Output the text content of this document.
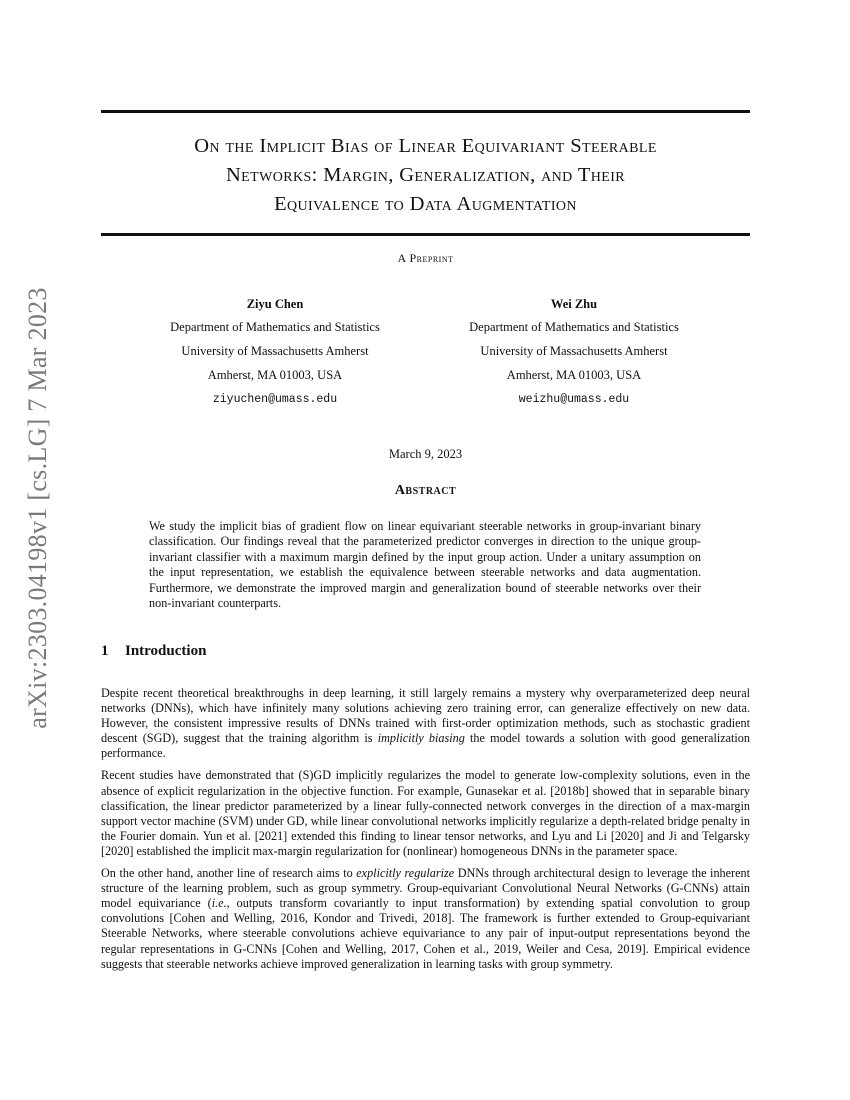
arXiv:2303.04198v1 [cs.LG] 7 Mar 2023
On the Implicit Bias of Linear Equivariant Steerable
Networks: Margin, Generalization, and Their
Equivalence to Data Augmentation
A Preprint
Ziyu Chen
Department of Mathematics and Statistics
University of Massachusetts Amherst
Amherst, MA 01003, USA
ziyuchen@umass.edu
Wei Zhu
Department of Mathematics and Statistics
University of Massachusetts Amherst
Amherst, MA 01003, USA
weizhu@umass.edu
March 9, 2023
Abstract
We study the implicit bias of gradient flow on linear equivariant steerable networks in group-invariant binary classification. Our findings reveal that the parameterized predictor converges in direction to the unique group-invariant classifier with a maximum margin defined by the input group action. Under a unitary assumption on the input representation, we establish the equivalence between steerable networks and data augmentation. Furthermore, we demonstrate the improved margin and generalization bound of steerable networks over their non-invariant counterparts.
1 Introduction

Despite recent theoretical breakthroughs in deep learning, it still largely remains a mystery why overparameterized deep neural networks (DNNs), which have infinitely many solutions achieving zero training error, can generalize effectively on new data. However, the consistent impressive results of DNNs trained with first-order optimization methods, such as stochastic gradient descent (SGD), suggest that the training algorithm is implicitly biasing the model towards a solution with good generalization performance.

Recent studies have demonstrated that (S)GD implicitly regularizes the model to generate low-complexity solutions, even in the absence of explicit regularization in the objective function. For example, Gunasekar et al. [2018b] showed that in separable binary classification, the linear predictor parameterized by a linear fully-connected network converges in the direction of a max-margin support vector machine (SVM) under GD, while linear convolutional networks implicitly regularize a depth-related bridge penalty in the Fourier domain. Yun et al. [2021] extended this finding to linear tensor networks, and Lyu and Li [2020] and Ji and Telgarsky [2020] established the implicit max-margin regularization for (nonlinear) homogeneous DNNs in the parameter space.

On the other hand, another line of research aims to explicitly regularize DNNs through architectural design to leverage the inherent structure of the learning problem, such as group symmetry. Group-equivariant Convolutional Neural Networks (G-CNNs) attain model equivariance (i.e., outputs transform covariantly to input transformation) by extending spatial convolution to group convolutions [Cohen and Welling, 2016, Kondor and Trivedi, 2018]. The framework is further extended to Group-equivariant Steerable Networks, where steerable convolutions achieve equivariance to any pair of input-output representations beyond the regular representations in G-CNNs [Cohen and Welling, 2017, Cohen et al., 2019, Weiler and Cesa, 2019]. Empirical evidence suggests that steerable networks achieve improved generalization in learning tasks with group symmetry.
